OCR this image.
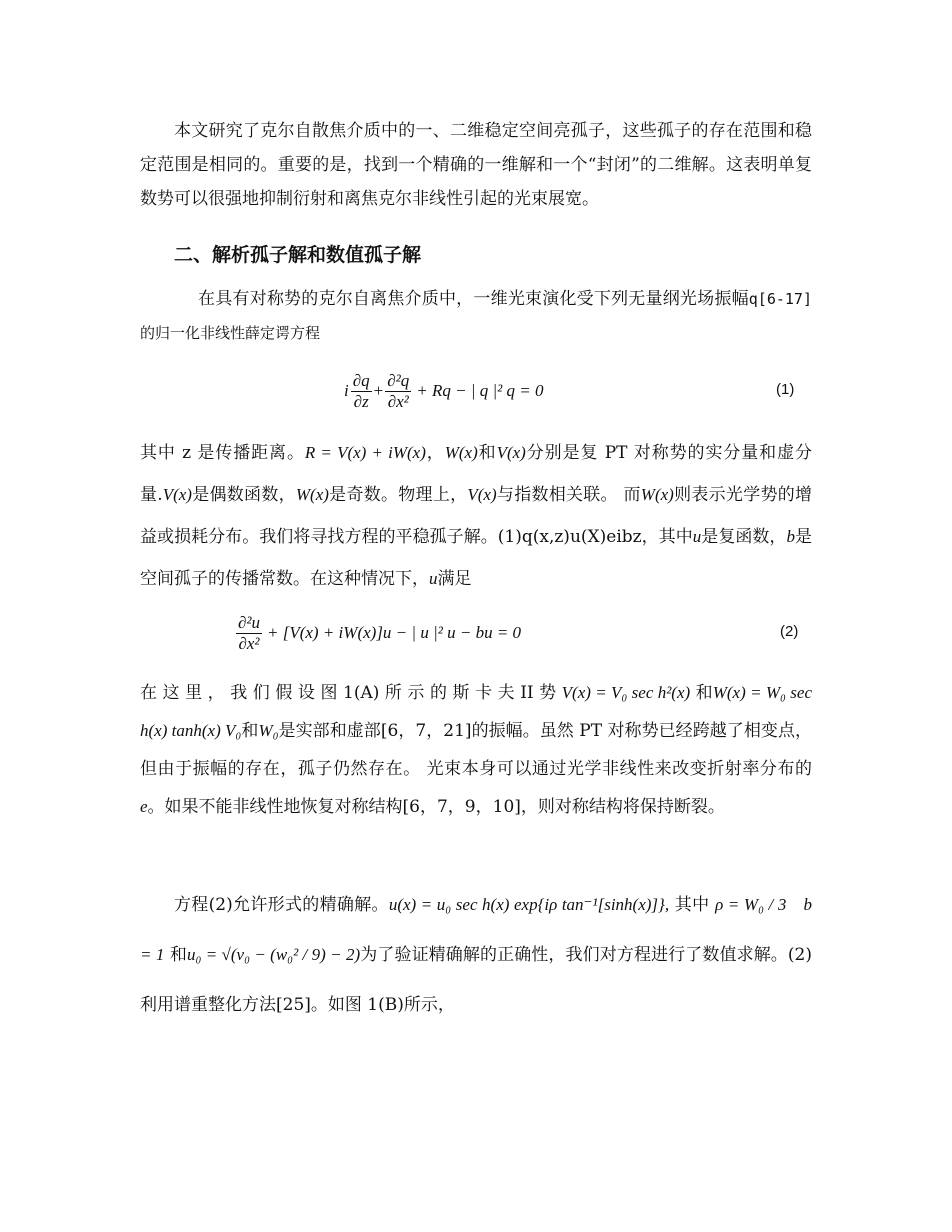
本文研究了克尔自散焦介质中的一、二维稳定空间亮孤子，这些孤子的存在范围和稳定范围是相同的。重要的是，找到一个精确的一维解和一个“封闭”的二维解。这表明单复数势可以很强地抑制衍射和离焦克尔非线性引起的光束展宽。

二、解析孤子解和数值孤子解

在具有对称势的克尔自离焦介质中，一维光束演化受下列无量纲光场振幅q[6-17]的归一化非线性薛定谔方程

i $\frac{\partial q}{\partial z} + \frac{\text{∂²q}}{\text{∂x²}} + Rq$ − | q |² q = 0	(1)

其中 z 是传播距离。R = V(x) + iW(x)，W(x)和V(x)分别是复 PT 对称势的实分量和虚分量.V(x)是偶数函数，W(x)是奇数。物理上，V(x)与指数相关联。 而W(x)则表示光学势的增益或损耗分布。我们将寻找方程的平稳孤子解。(1)q(x,z)u(X)eibz，其中u是复函数，b是空间孤子的传播常数。在这种情况下，u满足

$\frac{\text{∂²u}}{\text{∂x²}} + [V(x) + iW(x)]u$ − | u |² u − bu = 0	(2)

在 这 里 ， 我 们 假 设 图 1(A) 所 示 的 斯 卡 夫 II 势 V(x) = V₀ sec h²(x) 和W(x) = W₀ sec h(x) tanh(x) V₀和W₀是实部和虚部[6，7，21]的振幅。虽然 PT 对称势已经跨越了相变点，但由于振幅的存在，孤子仍然存在。 光束本身可以通过光学非线性来改变折射率分布的e。如果不能非线性地恢复对称结构[6，7，9，10]，则对称结构将保持断裂。

方程(2)允许形式的精确解。u(x) = u₀ sec h(x) exp{iρ tan⁻¹[sinh(x)]}, 其中 ρ = W₀ / 3 b = 1 和u₀ = √(v₀ − (w₀² / 9) − 2)为了验证精确解的正确性，我们对方程进行了数值求解。(2)利用谱重整化方法[25]。如图 1(B)所示，
